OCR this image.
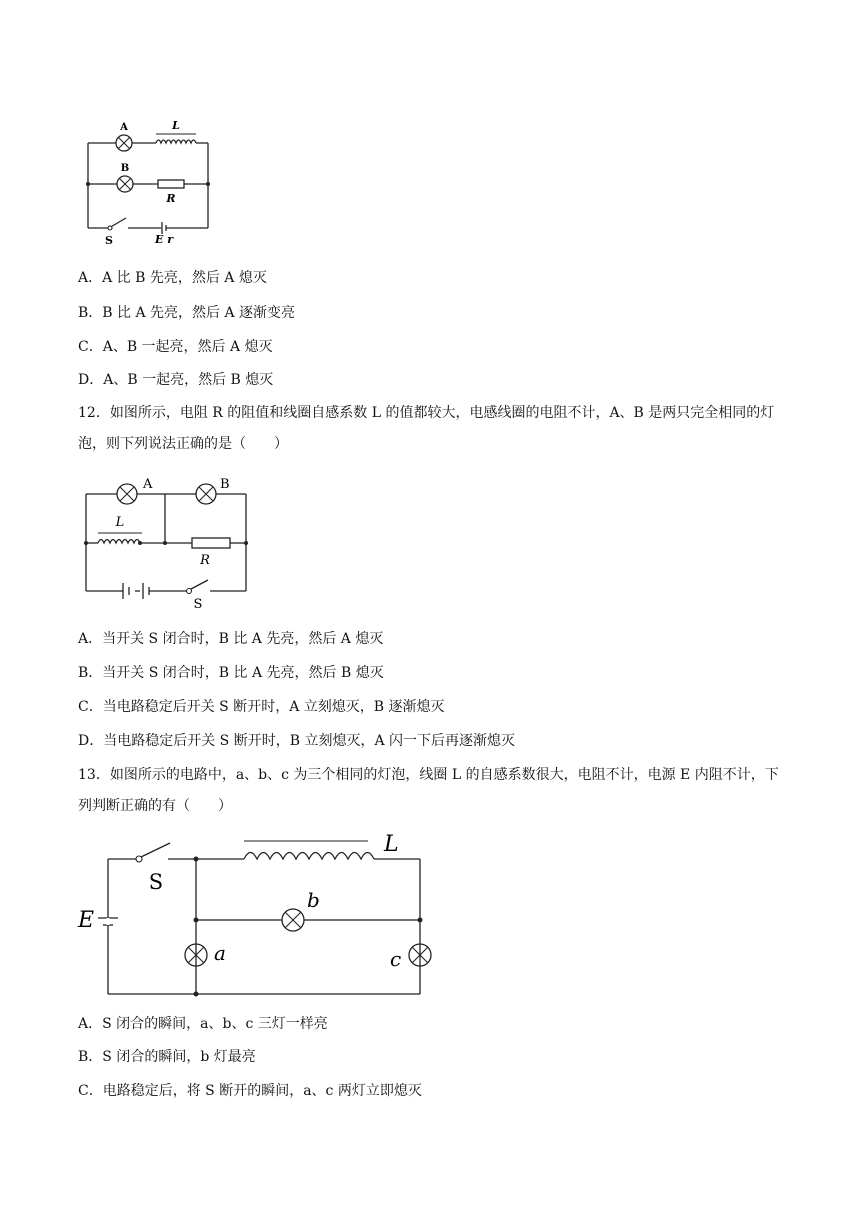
A	L
B
R
S	E r
A．A 比 B 先亮，然后 A 熄灭
B．B 比 A 先亮，然后 A 逐渐变亮
C．A、B 一起亮，然后 A 熄灭
D．A、B 一起亮，然后 B 熄灭
12．如图所示，电阻 R 的阻值和线圈自感系数 L 的值都较大，电感线圈的电阻不计，A、B 是两只完全相同的灯泡，则下列说法正确的是（　　）
A	B
L
R
S
A．当开关 S 闭合时，B 比 A 先亮，然后 A 熄灭
B．当开关 S 闭合时，B 比 A 先亮，然后 B 熄灭
C．当电路稳定后开关 S 断开时，A 立刻熄灭，B 逐渐熄灭
D．当电路稳定后开关 S 断开时，B 立刻熄灭，A 闪一下后再逐渐熄灭
13．如图所示的电路中，a、b、c 为三个相同的灯泡，线圈 L 的自感系数很大，电阻不计，电源 E 内阻不计，下列判断正确的有（　　）
S
L
b
a	c
E
A．S 闭合的瞬间，a、b、c 三灯一样亮
B．S 闭合的瞬间，b 灯最亮
C．电路稳定后，将 S 断开的瞬间，a、c 两灯立即熄灭
